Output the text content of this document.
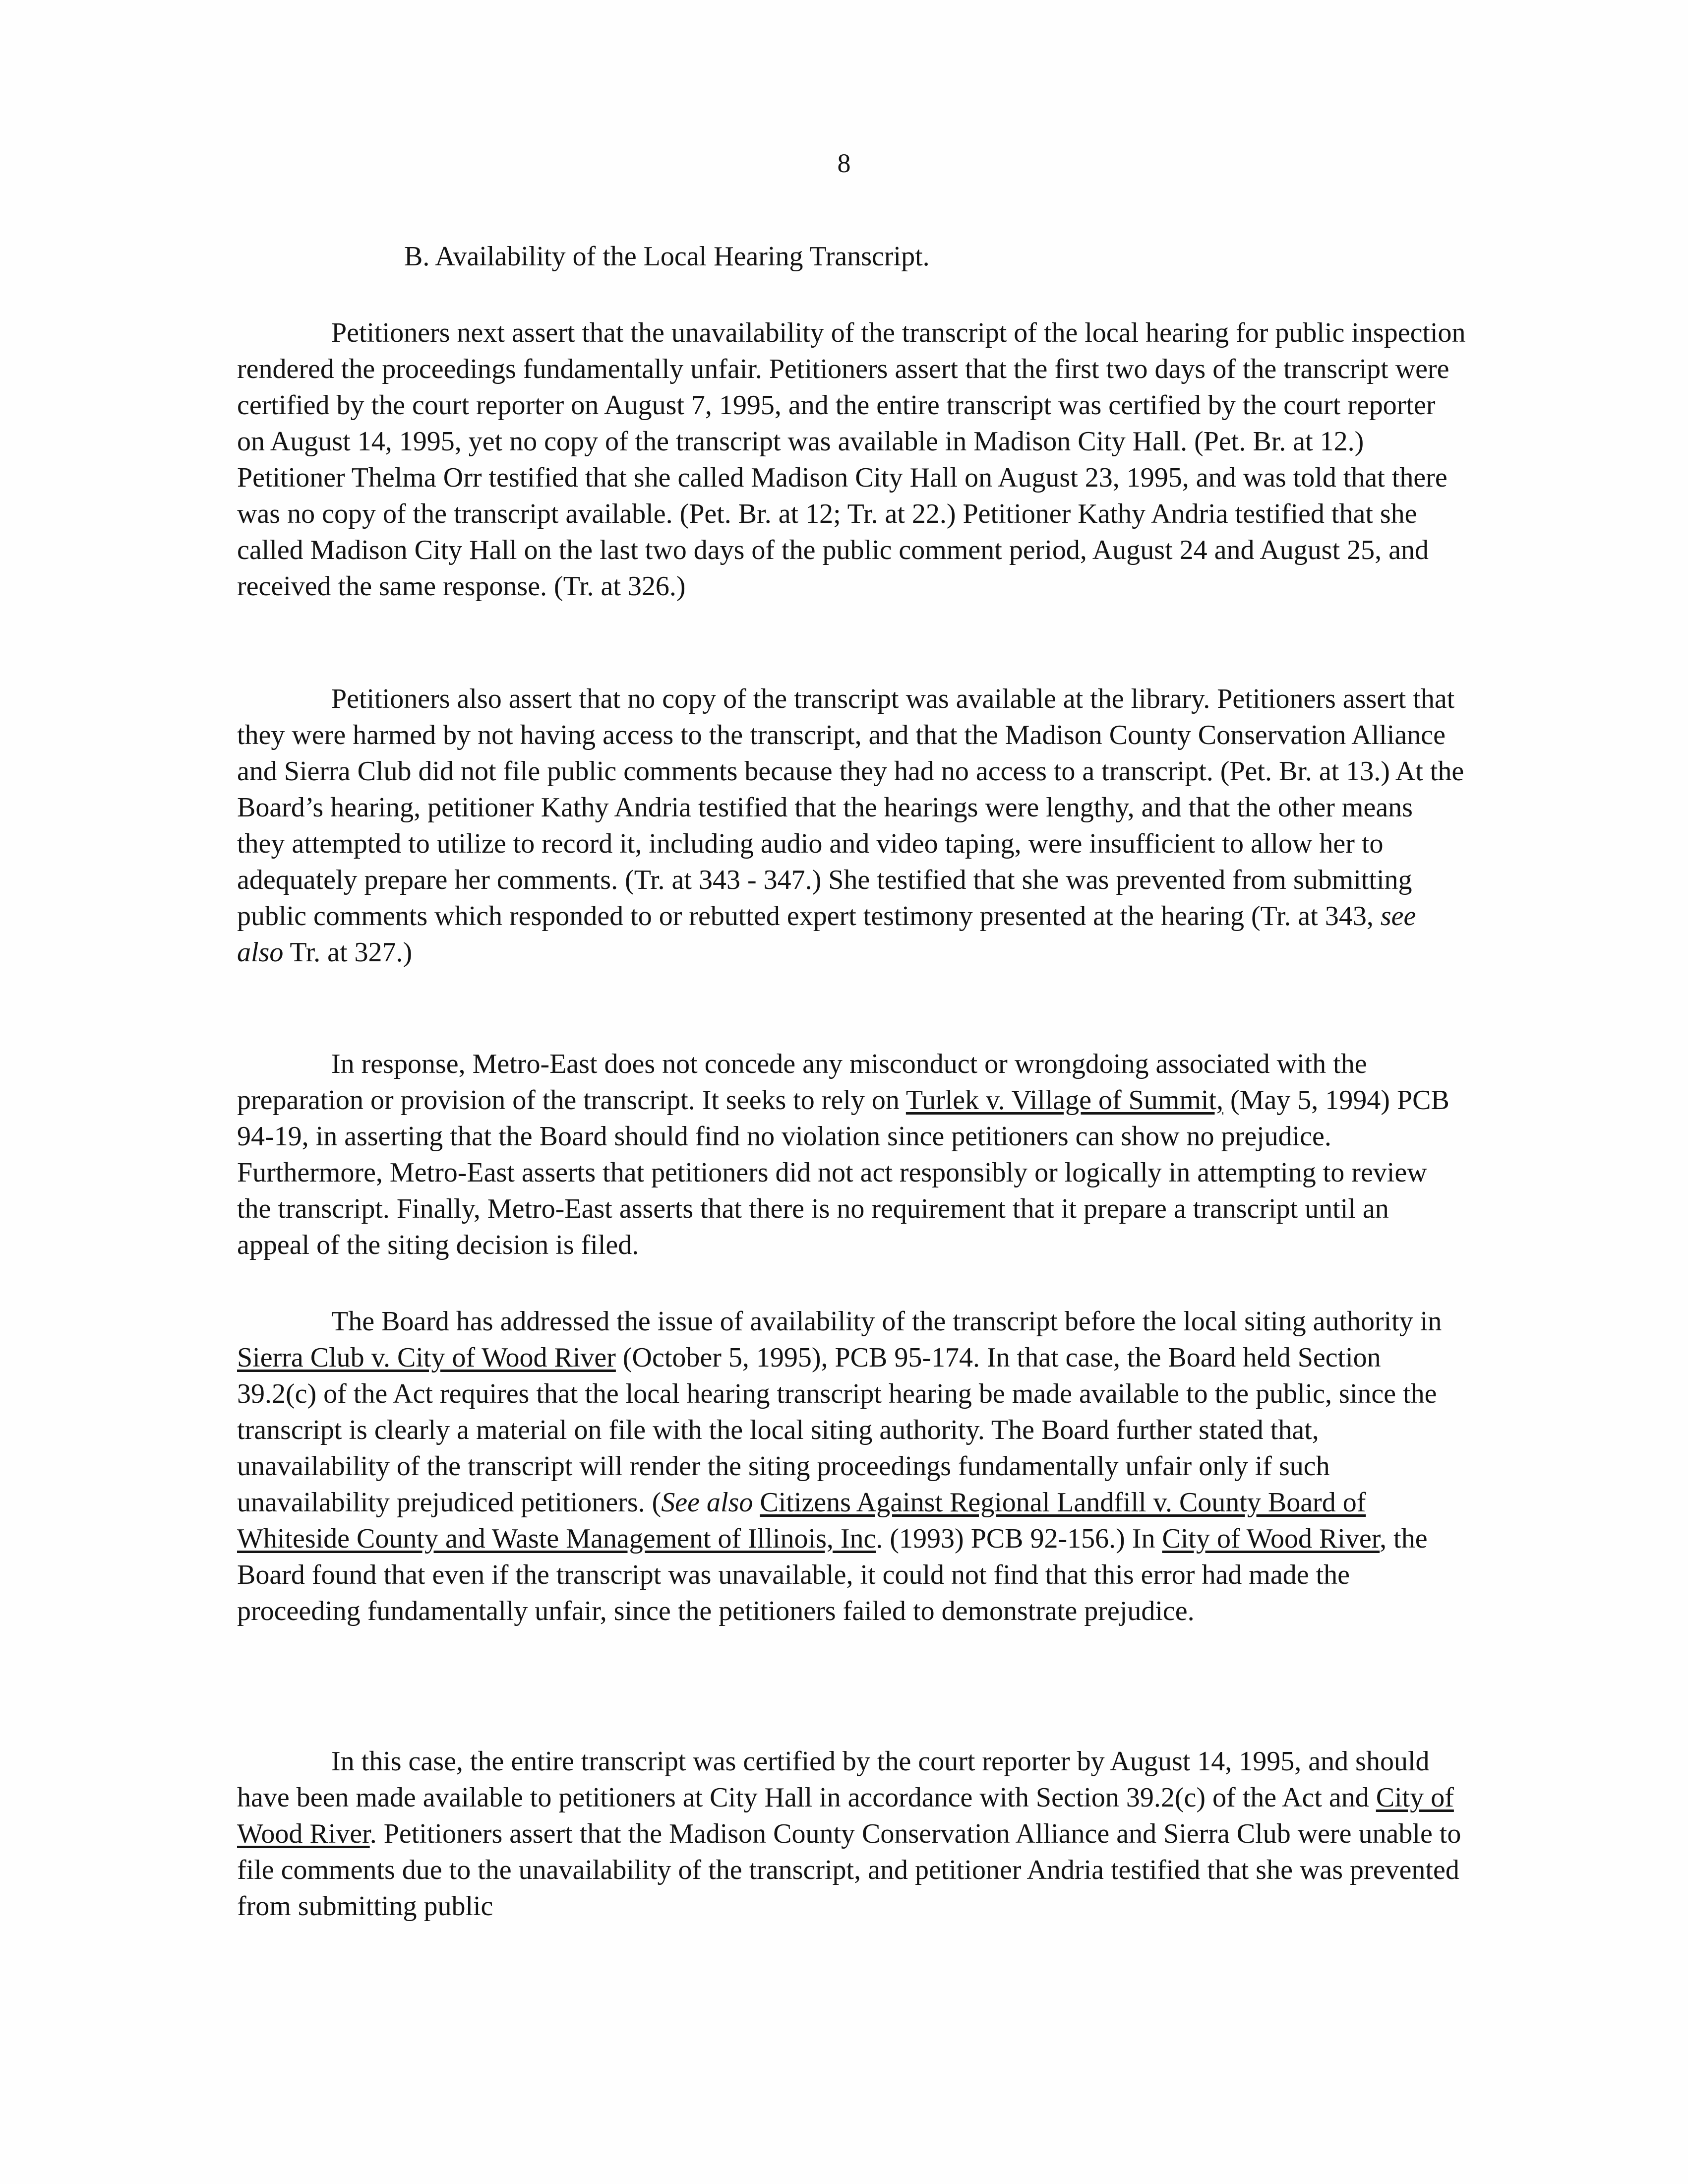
8
B. Availability of the Local Hearing Transcript.

Petitioners next assert that the unavailability of the transcript of the local hearing for public inspection rendered the proceedings fundamentally unfair. Petitioners assert that the first two days of the transcript were certified by the court reporter on August 7, 1995, and the entire transcript was certified by the court reporter on August 14, 1995, yet no copy of the transcript was available in Madison City Hall. (Pet. Br. at 12.) Petitioner Thelma Orr testified that she called Madison City Hall on August 23, 1995, and was told that there was no copy of the transcript available. (Pet. Br. at 12; Tr. at 22.) Petitioner Kathy Andria testified that she called Madison City Hall on the last two days of the public comment period, August 24 and August 25, and received the same response. (Tr. at 326.)

Petitioners also assert that no copy of the transcript was available at the library. Petitioners assert that they were harmed by not having access to the transcript, and that the Madison County Conservation Alliance and Sierra Club did not file public comments because they had no access to a transcript. (Pet. Br. at 13.) At the Board’s hearing, petitioner Kathy Andria testified that the hearings were lengthy, and that the other means they attempted to utilize to record it, including audio and video taping, were insufficient to allow her to adequately prepare her comments. (Tr. at 343 - 347.) She testified that she was prevented from submitting public comments which responded to or rebutted expert testimony presented at the hearing (Tr. at 343, see also Tr. at 327.)

In response, Metro-East does not concede any misconduct or wrongdoing associated with the preparation or provision of the transcript. It seeks to rely on Turlek v. Village of Summit, (May 5, 1994) PCB 94-19, in asserting that the Board should find no violation since petitioners can show no prejudice. Furthermore, Metro-East asserts that petitioners did not act responsibly or logically in attempting to review the transcript. Finally, Metro-East asserts that there is no requirement that it prepare a transcript until an appeal of the siting decision is filed.

The Board has addressed the issue of availability of the transcript before the local siting authority in Sierra Club v. City of Wood River (October 5, 1995), PCB 95-174. In that case, the Board held Section 39.2(c) of the Act requires that the local hearing transcript hearing be made available to the public, since the transcript is clearly a material on file with the local siting authority. The Board further stated that, unavailability of the transcript will render the siting proceedings fundamentally unfair only if such unavailability prejudiced petitioners. (See also Citizens Against Regional Landfill v. County Board of Whiteside County and Waste Management of Illinois, Inc. (1993) PCB 92-156.) In City of Wood River, the Board found that even if the transcript was unavailable, it could not find that this error had made the proceeding fundamentally unfair, since the petitioners failed to demonstrate prejudice.

In this case, the entire transcript was certified by the court reporter by August 14, 1995, and should have been made available to petitioners at City Hall in accordance with Section 39.2(c) of the Act and City of Wood River. Petitioners assert that the Madison County Conservation Alliance and Sierra Club were unable to file comments due to the unavailability of the transcript, and petitioner Andria testified that she was prevented from submitting public
